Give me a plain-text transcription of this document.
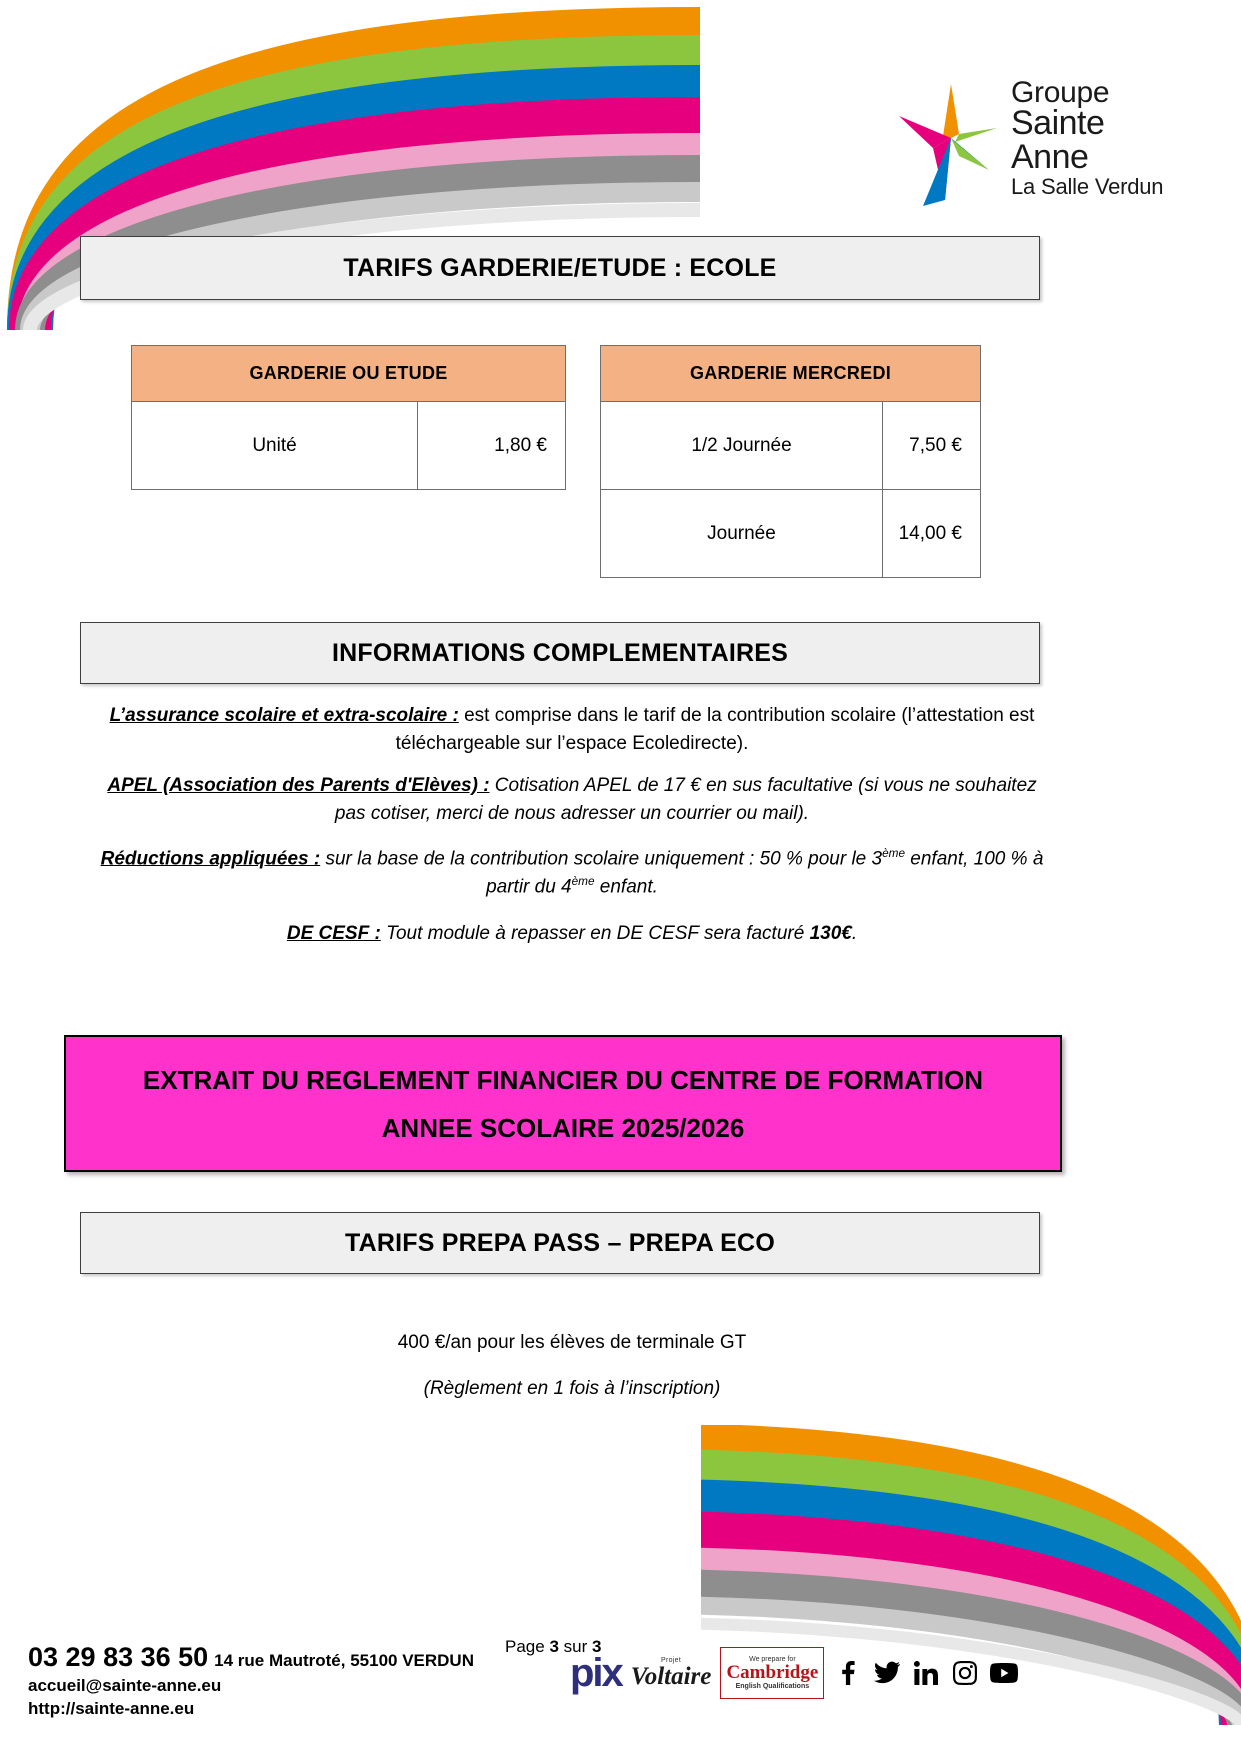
Groupe
Sainte Anne
La Salle Verdun
TARIFS GARDERIE/ETUDE : ECOLE
GARDERIE OU ETUDE
Unité	1,80 €
GARDERIE MERCREDI	
1/2 Journée	7,50 €
Journée	14,00 €
INFORMATIONS COMPLEMENTAIRES

L’assurance scolaire et extra-scolaire : est comprise dans le tarif de la contribution scolaire (l’attestation est téléchargeable sur l’espace Ecoledirecte).

APEL (Association des Parents d'Elèves) : Cotisation APEL de 17 € en sus facultative (si vous ne souhaitez pas cotiser, merci de nous adresser un courrier ou mail).

Réductions appliquées : sur la base de la contribution scolaire uniquement : 50 % pour le 3ème enfant, 100 % à partir du 4ème enfant.

DE CESF : Tout module à repasser en DE CESF sera facturé 130€.

EXTRAIT DU REGLEMENT FINANCIER DU CENTRE DE FORMATION
ANNEE SCOLAIRE 2025/2026
TARIFS PREPA PASS – PREPA ECO
400 €/an pour les élèves de terminale GT
(Règlement en 1 fois à l’inscription)
Page 3 sur 3
03 29 83 36 50 14 rue Mautroté, 55100 VERDUN
accueil@sainte-anne.eu
http://sainte-anne.eu
pix	Projet
Voltaire
We prepare for
Cambridge
English Qualifications
